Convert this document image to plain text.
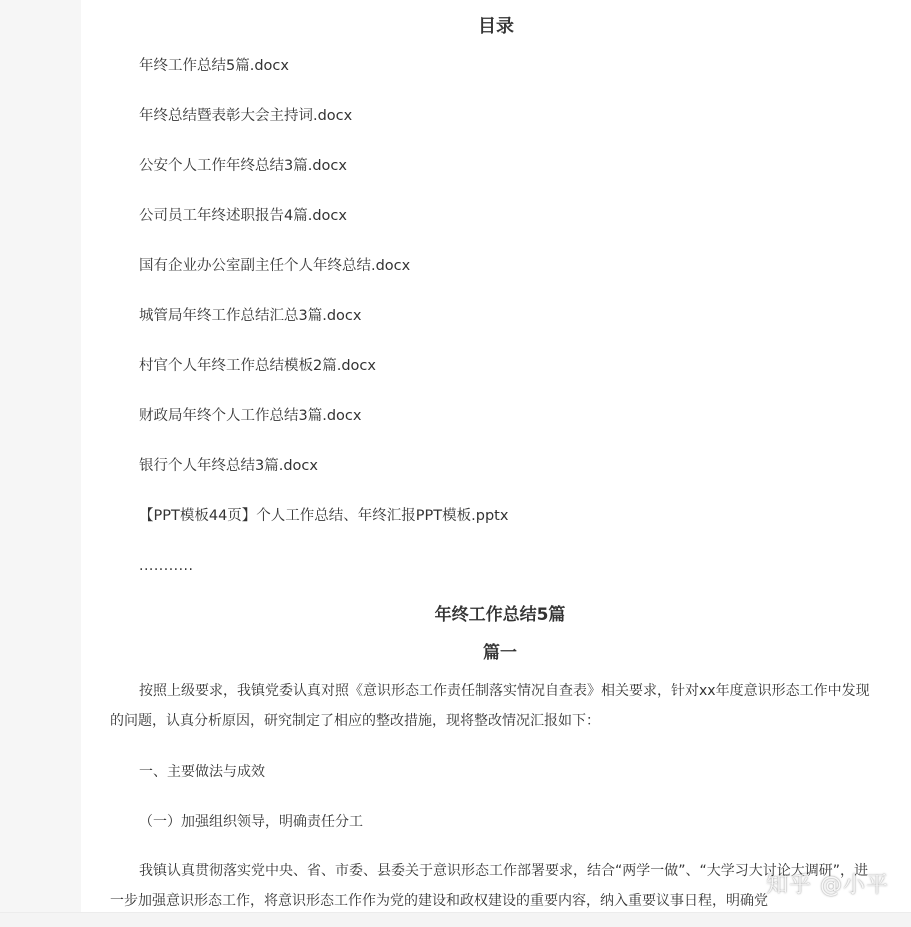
目录
年终工作总结5篇.docx
年终总结暨表彰大会主持词.docx
公安个人工作年终总结3篇.docx
公司员工年终述职报告4篇.docx
国有企业办公室副主任个人年终总结.docx
城管局年终工作总结汇总3篇.docx
村官个人年终工作总结模板2篇.docx
财政局年终个人工作总结3篇.docx
银行个人年终总结3篇.docx
【PPT模板44页】个人工作总结、年终汇报PPT模板.pptx
...........
年终工作总结5篇
篇一

按照上级要求，我镇党委认真对照《意识形态工作责任制落实情况自查表》相关要求，针对xx年度意识形态工作中发现的问题，认真分析原因，研究制定了相应的整改措施，现将整改情况汇报如下：

一、主要做法与成效

（一）加强组织领导，明确责任分工

我镇认真贯彻落实党中央、省、市委、县委关于意识形态工作部署要求，结合“两学一做”、“大学习大讨论大调研”，进一步加强意识形态工作，将意识形态工作作为党的建设和政权建设的重要内容，纳入重要议事日程，明确党

知乎 @小平
